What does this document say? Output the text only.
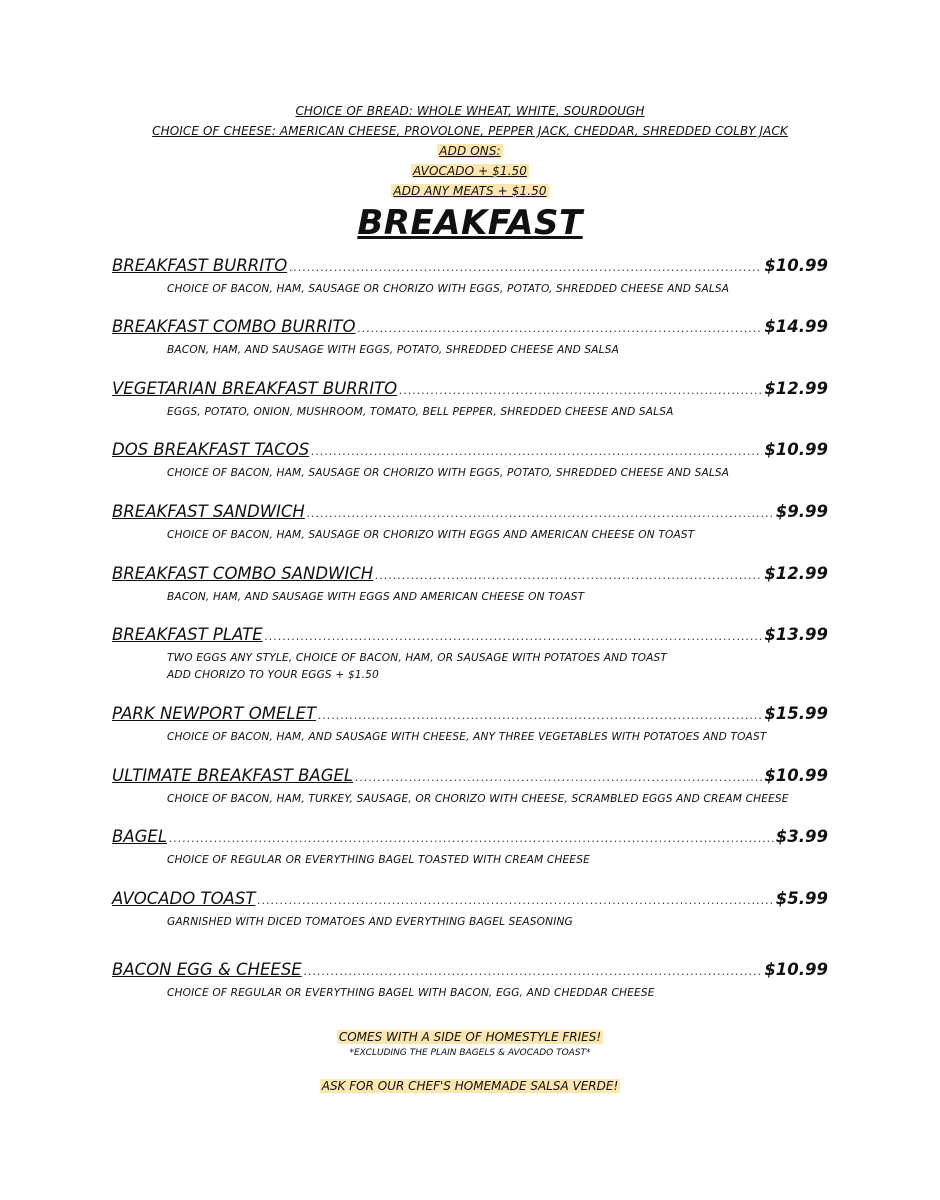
CHOICE OF BREAD: WHOLE WHEAT, WHITE, SOURDOUGH
CHOICE OF CHEESE: AMERICAN CHEESE, PROVOLONE, PEPPER JACK, CHEDDAR, SHREDDED COLBY JACK
ADD ONS:
AVOCADO + $1.50
ADD ANY MEATS + $1.50
BREAKFAST
BREAKFAST BURRITO .....	$10.99
CHOICE OF BACON, HAM, SAUSAGE OR CHORIZO WITH EGGS, POTATO, SHREDDED CHEESE AND SALSA
BREAKFAST COMBO BURRITO .....	$14.99
BACON, HAM, AND SAUSAGE WITH EGGS, POTATO, SHREDDED CHEESE AND SALSA
VEGETARIAN BREAKFAST BURRITO .....	$12.99
EGGS, POTATO, ONION, MUSHROOM, TOMATO, BELL PEPPER, SHREDDED CHEESE AND SALSA
DOS BREAKFAST TACOS .....	$10.99
CHOICE OF BACON, HAM, SAUSAGE OR CHORIZO WITH EGGS, POTATO, SHREDDED CHEESE AND SALSA
BREAKFAST SANDWICH .....	$9.99
CHOICE OF BACON, HAM, SAUSAGE OR CHORIZO WITH EGGS AND AMERICAN CHEESE ON TOAST
BREAKFAST COMBO SANDWICH .....	$12.99
BACON, HAM, AND SAUSAGE WITH EGGS AND AMERICAN CHEESE ON TOAST
BREAKFAST PLATE .....	$13.99
TWO EGGS ANY STYLE, CHOICE OF BACON, HAM, OR SAUSAGE WITH POTATOES AND TOAST
ADD CHORIZO TO YOUR EGGS + $1.50
PARK NEWPORT OMELET .....	$15.99
CHOICE OF BACON, HAM, AND SAUSAGE WITH CHEESE, ANY THREE VEGETABLES WITH POTATOES AND TOAST
ULTIMATE BREAKFAST BAGEL .....	$10.99
CHOICE OF BACON, HAM, TURKEY, SAUSAGE, OR CHORIZO WITH CHEESE, SCRAMBLED EGGS AND CREAM CHEESE
BAGEL .....	$3.99
CHOICE OF REGULAR OR EVERYTHING BAGEL TOASTED WITH CREAM CHEESE
AVOCADO TOAST .....	$5.99
GARNISHED WITH DICED TOMATOES AND EVERYTHING BAGEL SEASONING
BACON EGG & CHEESE .....	$10.99
CHOICE OF REGULAR OR EVERYTHING BAGEL WITH BACON, EGG, AND CHEDDAR CHEESE
COMES WITH A SIDE OF HOMESTYLE FRIES!
*EXCLUDING THE PLAIN BAGELS & AVOCADO TOAST*
ASK FOR OUR CHEF'S HOMEMADE SALSA VERDE!
